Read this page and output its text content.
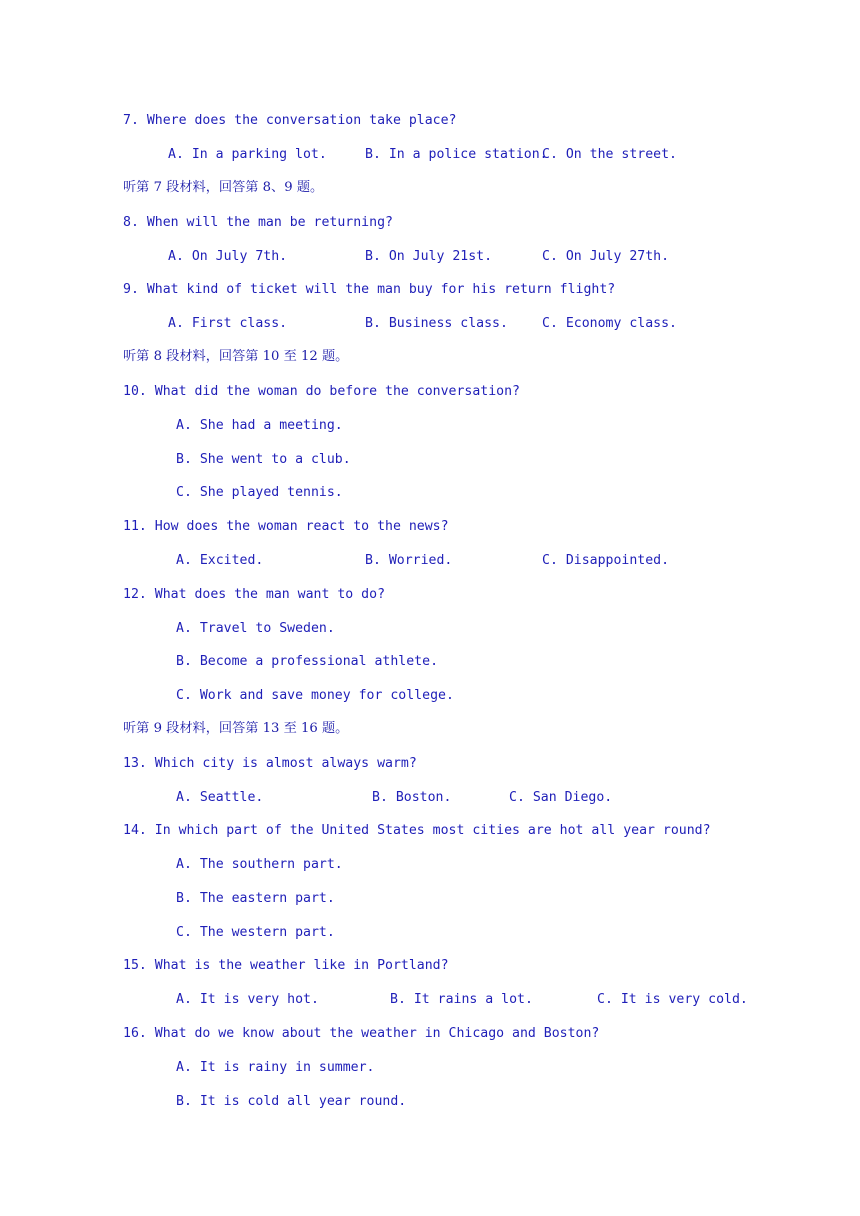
7. Where does the conversation take place?
A. In a parking lot.	B. In a police station.
C. On the street.
听第 7 段材料，回答第 8、9 题。
8. When will the man be returning?
A. On July 7th.	B. On July 21st.	C. On July 27th.
9. What kind of ticket will the man buy for his return flight?
A. First class.	B. Business class.	C. Economy class.
听第 8 段材料，回答第 10 至 12 题。
10. What did the woman do before the conversation?
A. She had a meeting.
B. She went to a club.
C. She played tennis.
11. How does the woman react to the news?
A. Excited.	B. Worried.	C. Disappointed.
12. What does the man want to do?
A. Travel to Sweden.
B. Become a professional athlete.
C. Work and save money for college.
听第 9 段材料，回答第 13 至 16 题。
13. Which city is almost always warm?
A. Seattle.	B. Boston.	C. San Diego.
14. In which part of the United States most cities are hot all year round?
A. The southern part.
B. The eastern part.
C. The western part.
15. What is the weather like in Portland?
A. It is very hot.	B. It rains a lot.	C. It is very cold.
16. What do we know about the weather in Chicago and Boston?
A. It is rainy in summer.
B. It is cold all year round.
